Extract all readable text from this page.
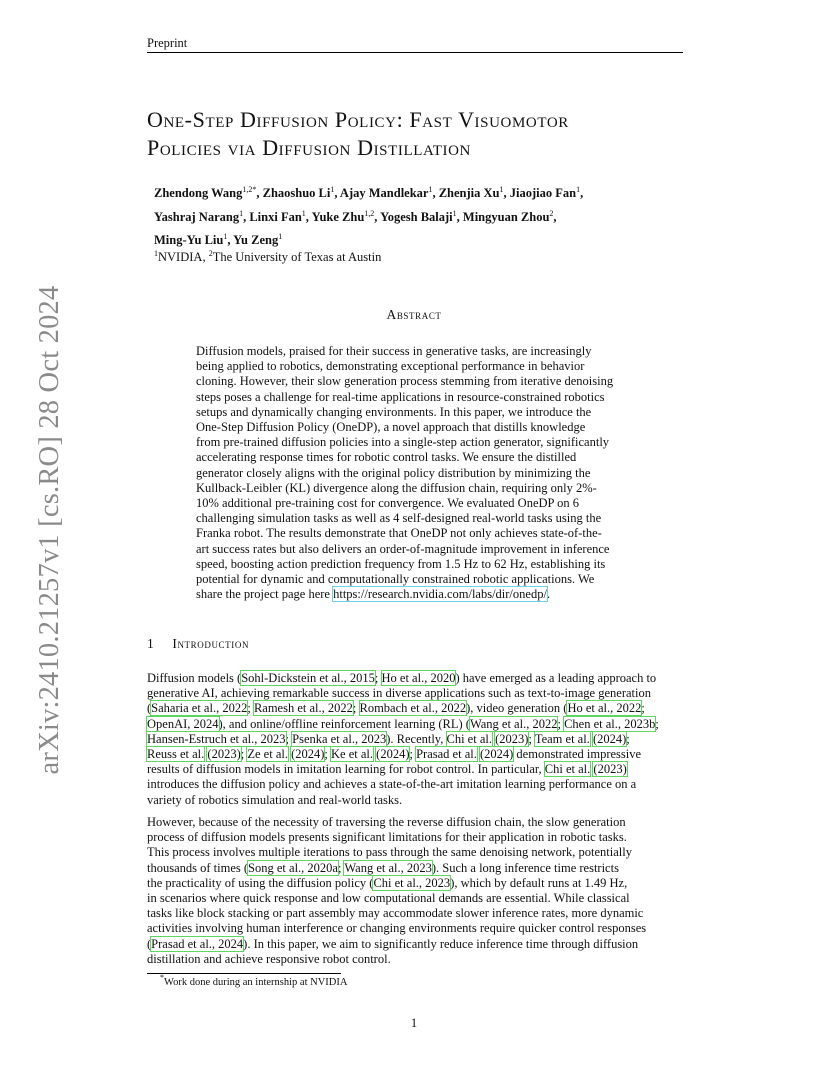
arXiv:2410.21257v1 [cs.RO] 28 Oct 2024
Preprint
One-Step Diffusion Policy: Fast Visuomotor
Policies via Diffusion Distillation
Zhendong Wang$^{1,2*}$, Zhaoshuo Li$^1$, Ajay Mandlekar$^1$, Zhenjia Xu$^1$, Jiaojiao Fan$^1$,
Yashraj Narang$^1$, Linxi Fan$^1$, Yuke Zhu$^{1,2}$, Yogesh Balaji$^1$, Mingyuan Zhou$^2$,
Ming-Yu Liu$^1$, Yu Zeng$^1$
$^1$NVIDIA, $^2$The University of Texas at Austin
Abstract
Diffusion models, praised for their success in generative tasks, are increasingly
being applied to robotics, demonstrating exceptional performance in behavior
cloning. However, their slow generation process stemming from iterative denoising
steps poses a challenge for real-time applications in resource-constrained robotics
setups and dynamically changing environments. In this paper, we introduce the
One-Step Diffusion Policy (OneDP), a novel approach that distills knowledge
from pre-trained diffusion policies into a single-step action generator, significantly
accelerating response times for robotic control tasks. We ensure the distilled
generator closely aligns with the original policy distribution by minimizing the
Kullback-Leibler (KL) divergence along the diffusion chain, requiring only 2%-
10% additional pre-training cost for convergence. We evaluated OneDP on 6
challenging simulation tasks as well as 4 self-designed real-world tasks using the
Franka robot. The results demonstrate that OneDP not only achieves state-of-the-
art success rates but also delivers an order-of-magnitude improvement in inference
speed, boosting action prediction frequency from 1.5 Hz to 62 Hz, establishing its
potential for dynamic and computationally constrained robotic applications. We
share the project page here https://research.nvidia.com/labs/dir/onedp/.
1 Introduction
Diffusion models (Sohl-Dickstein et al., 2015; Ho et al., 2020) have emerged as a leading approach to
generative AI, achieving remarkable success in diverse applications such as text-to-image generation
(Saharia et al., 2022; Ramesh et al., 2022; Rombach et al., 2022), video generation (Ho et al., 2022;
OpenAI, 2024), and online/offline reinforcement learning (RL) (Wang et al., 2022; Chen et al., 2023b;
Hansen-Estruch et al., 2023; Psenka et al., 2023). Recently, Chi et al. (2023); Team et al. (2024);
Reuss et al. (2023); Ze et al. (2024); Ke et al. (2024); Prasad et al. (2024) demonstrated impressive
results of diffusion models in imitation learning for robot control. In particular, Chi et al. (2023)
introduces the diffusion policy and achieves a state-of-the-art imitation learning performance on a
variety of robotics simulation and real-world tasks.
However, because of the necessity of traversing the reverse diffusion chain, the slow generation
process of diffusion models presents significant limitations for their application in robotic tasks.
This process involves multiple iterations to pass through the same denoising network, potentially
thousands of times (Song et al., 2020a; Wang et al., 2023). Such a long inference time restricts
the practicality of using the diffusion policy (Chi et al., 2023), which by default runs at 1.49 Hz,
in scenarios where quick response and low computational demands are essential. While classical
tasks like block stacking or part assembly may accommodate slower inference rates, more dynamic
activities involving human interference or changing environments require quicker control responses
(Prasad et al., 2024). In this paper, we aim to significantly reduce inference time through diffusion
distillation and achieve responsive robot control.
*Work done during an internship at NVIDIA
1
